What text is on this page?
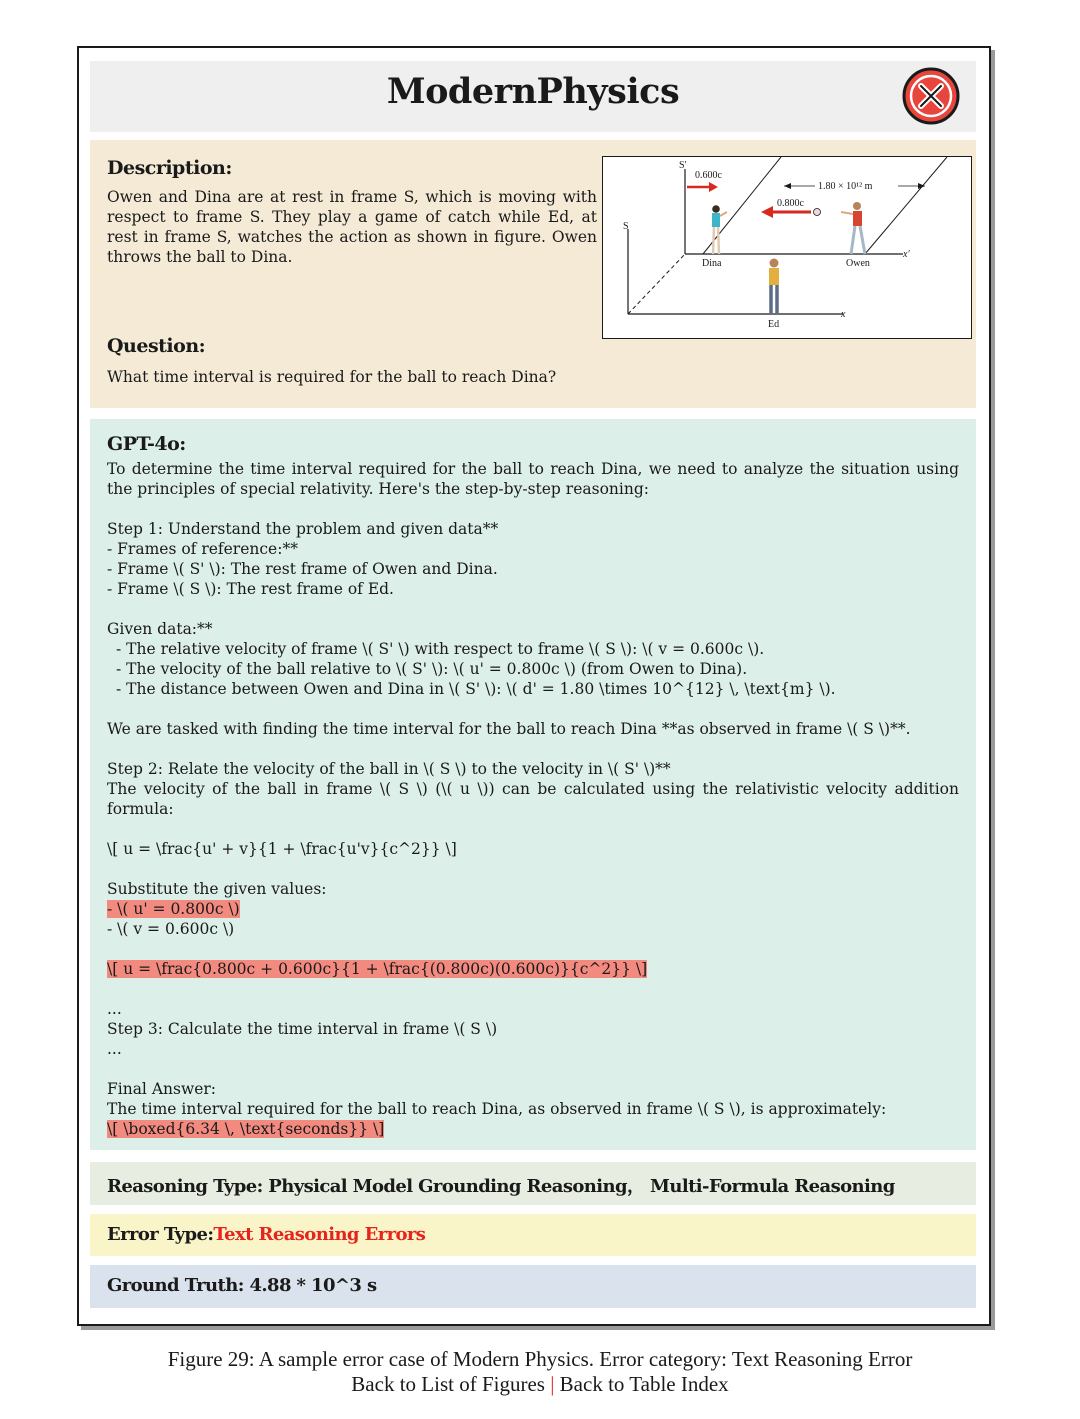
ModernPhysics
Description:
Owen and Dina are at rest in frame S, which is moving with respect to frame S. They play a game of catch while Ed, at rest in frame S, watches the action as shown in figure. Owen throws the ball to Dina.
S
x
S′
x′
0.600c
1.80 × 10¹² m
0.800c
Dina	Owen
Ed
Question:
What time interval is required for the ball to reach Dina?
GPT-4o:

To determine the time interval required for the ball to reach Dina, we need to analyze the situation using the principles of special relativity. Here's the step-by-step reasoning:

Step 1: Understand the problem and given data**

- Frames of reference:**

- Frame \( S' \): The rest frame of Owen and Dina.

- Frame \( S \): The rest frame of Ed.

Given data:**

- The relative velocity of frame \( S' \) with respect to frame \( S \): \( v = 0.600c \).

- The velocity of the ball relative to \( S' \): \( u' = 0.800c \) (from Owen to Dina).

- The distance between Owen and Dina in \( S' \): \( d' = 1.80 \times 10^{12} \, \text{m} \).

We are tasked with finding the time interval for the ball to reach Dina **as observed in frame \( S \)**.

Step 2: Relate the velocity of the ball in \( S \) to the velocity in \( S' \)**

The velocity of the ball in frame \( S \) (\( u \)) can be calculated using the relativistic velocity addition formula:

\[ u = \frac{u' + v}{1 + \frac{u'v}{c^2}} \]

Substitute the given values:

- \( u' = 0.800c \)

- \( v = 0.600c \)

\[ u = \frac{0.800c + 0.600c}{1 + \frac{(0.800c)(0.600c)}{c^2}} \]

...

Step 3: Calculate the time interval in frame \( S \)

...

Final Answer:

The time interval required for the ball to reach Dina, as observed in frame \( S \), is approximately:

\[ \boxed{6.34 \, \text{seconds}} \]

Reasoning Type: Physical Model Grounding Reasoning， Multi-Formula Reasoning
Error Type:Text Reasoning Errors
Ground Truth: 4.88 * 10^3 s
Figure 29: A sample error case of Modern Physics. Error category: Text Reasoning Error
Back to List of Figures | Back to Table Index
